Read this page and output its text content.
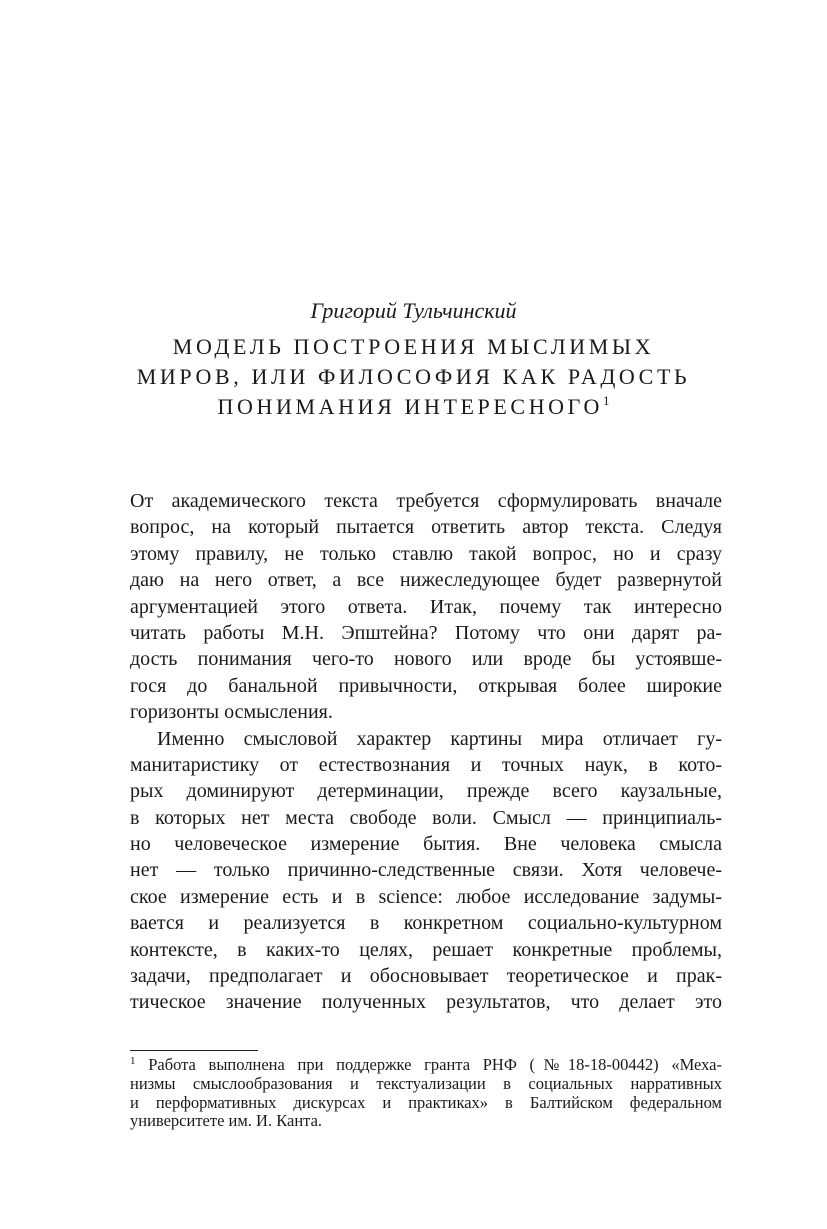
Григорий Тульчинский
МОДЕЛЬ ПОСТРОЕНИЯ МЫСЛИМЫХ
МИРОВ, ИЛИ ФИЛОСОФИЯ КАК РАДОСТЬ
ПОНИМАНИЯ ИНТЕРЕСНОГО$^1$
От академического текста требуется сформулировать вначале
вопрос, на который пытается ответить автор текста. Следуя
этому правилу, не только ставлю такой вопрос, но и сразу
даю на него ответ, а все нижеследующее будет развернутой
аргументацией этого ответа. Итак, почему так интересно
читать работы М.Н. Эпштейна? Потому что они дарят ра-
дость понимания чего-то нового или вроде бы устоявше-
гося до банальной привычности, открывая более широкие
горизонты осмысления.
Именно смысловой характер картины мира отличает гу-
манитаристику от естествознания и точных наук, в кото-
рых доминируют детерминации, прежде всего каузальные,
в которых нет места свободе воли. Смысл — принципиаль-
но человеческое измерение бытия. Вне человека смысла
нет — только причинно-следственные связи. Хотя человече-
ское измерение есть и в science: любое исследование задумы-
вается и реализуется в конкретном социально-культурном
контексте, в каких-то целях, решает конкретные проблемы,
задачи, предполагает и обосновывает теоретическое и прак-
тическое значение полученных результатов, что делает это
$^1$ Работа выполнена при поддержке гранта РНФ (№18-18-00442) «Меха-
низмы смыслообразования и текстуализации в социальных нарративных
и перформативных дискурсах и практиках» в Балтийском федеральном
университете им. И. Канта.
